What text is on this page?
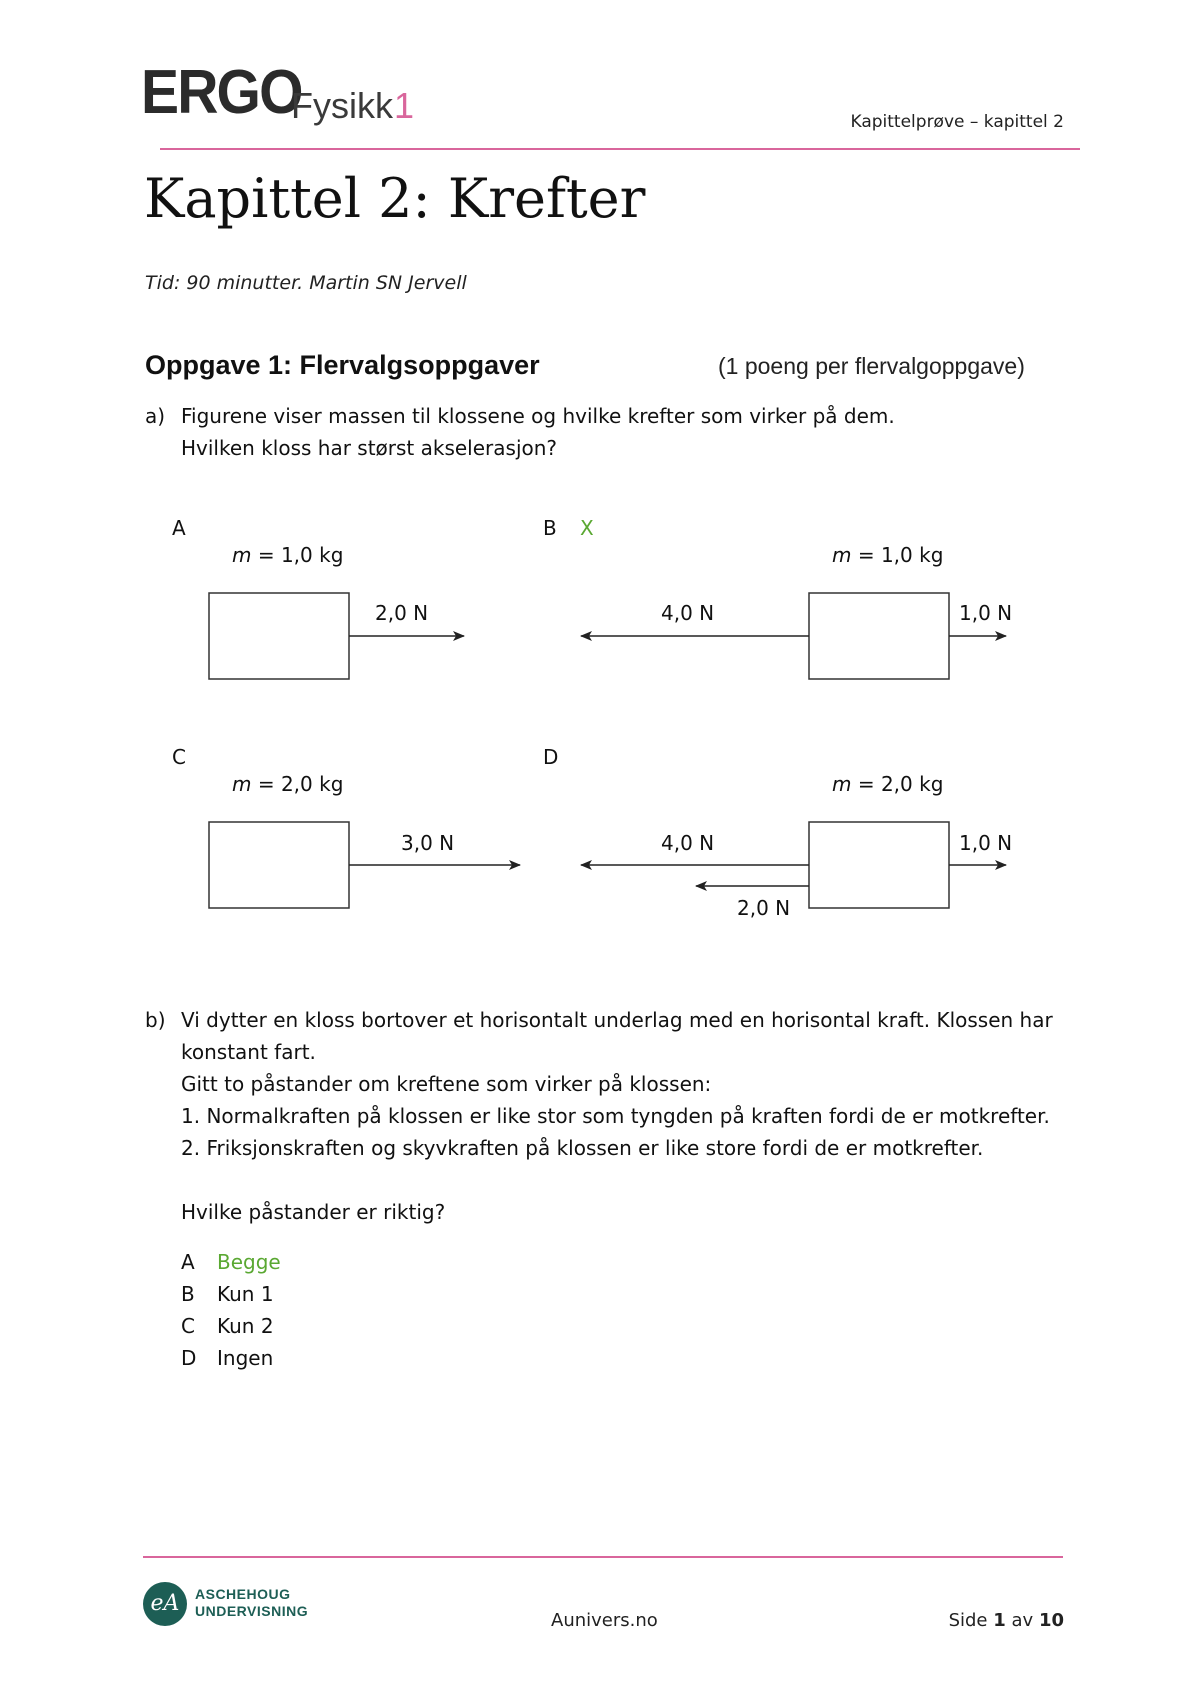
ERGO
Fysikk 1	Kapittelprøve – kapittel 2
Kapittel 2: Krefter
Tid: 90 minutter. Martin SN Jervell
Oppgave 1: Flervalgsoppgaver	(1 poeng per flervalgoppgave)
a) Figurene viser massen til klossene og hvilke krefter som virker på dem.
Hvilken kloss har størst akselerasjon?
A	B X
C	D
m = 1,0 kg	m = 1,0 kg
m = 2,0 kg	m = 2,0 kg
2,0 N	4,0 N	1,0 N
3,0 N	4,0 N	1,0 N
2,0 N
b) Vi dytter en kloss bortover et horisontalt underlag med en horisontal kraft. Klossen har
konstant fart.
Gitt to påstander om kreftene som virker på klossen:
1. Normalkraften på klossen er like stor som tyngden på kraften fordi de er motkrefter.
2. Friksjonskraften og skyvkraften på klossen er like store fordi de er motkrefter.
Hvilke påstander er riktig?
A Begge
B Kun 1
C Kun 2
D Ingen
eA	ASCHEHOUG
UNDERVISNING	Aunivers.no	Side 1 av 10
